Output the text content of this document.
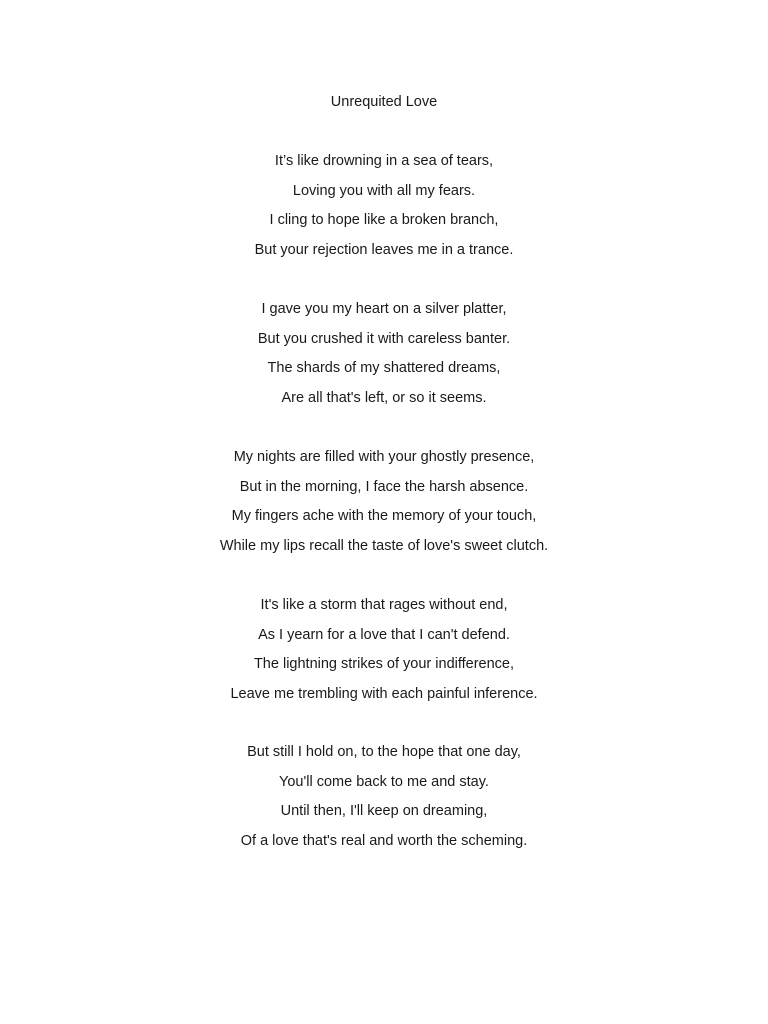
Unrequited Love
It’s like drowning in a sea of tears,
Loving you with all my fears.
I cling to hope like a broken branch,
But your rejection leaves me in a trance.
I gave you my heart on a silver platter,
But you crushed it with careless banter.
The shards of my shattered dreams,
Are all that's left, or so it seems.
My nights are filled with your ghostly presence,
But in the morning, I face the harsh absence.
My fingers ache with the memory of your touch,
While my lips recall the taste of love's sweet clutch.
It's like a storm that rages without end,
As I yearn for a love that I can't defend.
The lightning strikes of your indifference,
Leave me trembling with each painful inference.
But still I hold on, to the hope that one day,
You'll come back to me and stay.
Until then, I'll keep on dreaming,
Of a love that's real and worth the scheming.
